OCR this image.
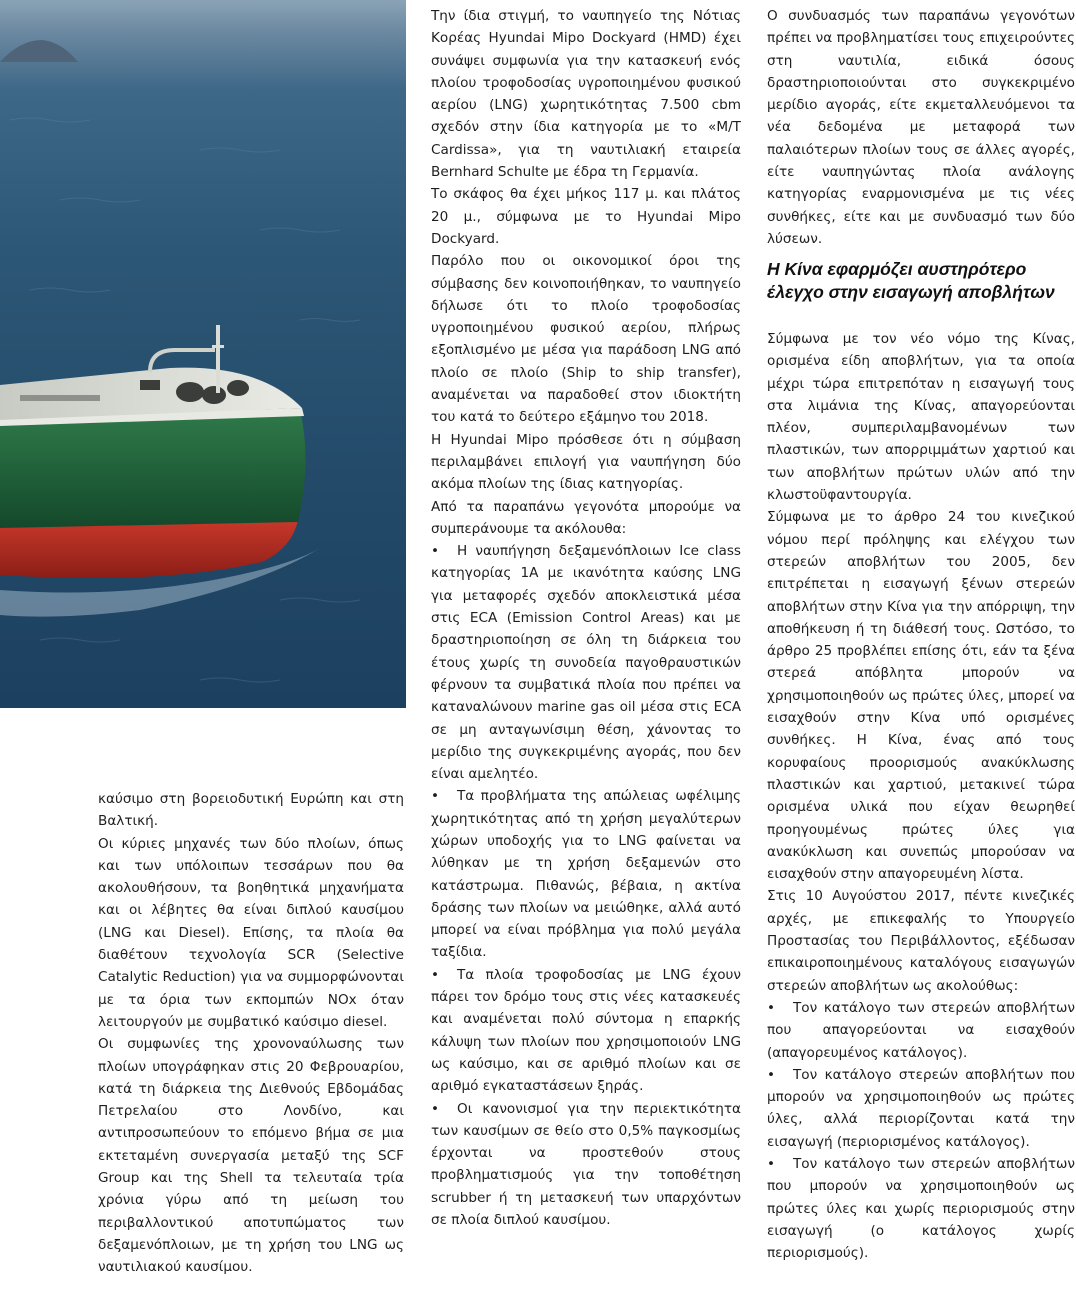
καύσιμο στη βορειοδυτική Ευρώπη και στη Βαλτική.

Οι κύριες μηχανές των δύο πλοίων, όπως και των υπόλοιπων τεσσάρων που θα ακολουθήσουν, τα βοηθητικά μηχανήματα και οι λέβητες θα είναι διπλού καυσίμου (LNG και Diesel). Επίσης, τα πλοία θα διαθέτουν τεχνολογία SCR (Selective Catalytic Reduction) για να συμμορφώνονται με τα όρια των εκπομπών NOx όταν λειτουργούν με συμβατικό καύσιμο diesel.

Οι συμφωνίες της χρονοναύλωσης των πλοίων υπογράφηκαν στις 20 Φεβρουαρίου, κατά τη διάρκεια της Διεθνούς Εβδομάδας Πετρελαίου στο Λονδίνο, και αντιπροσωπεύουν το επόμενο βήμα σε μια εκτεταμένη συνεργασία μεταξύ της SCF Group και της Shell τα τελευταία τρία χρόνια γύρω από τη μείωση του περιβαλλοντικού αποτυπώματος των δεξαμενόπλοιων, με τη χρήση του LNG ως ναυτιλιακού καυσίμου.

Την ίδια στιγμή, το ναυπηγείο της Νότιας Κορέας Hyundai Mipo Dockyard (HMD) έχει συνάψει συμφωνία για την κατασκευή ενός πλοίου τροφοδοσίας υγροποιημένου φυσικού αερίου (LNG) χωρητικότητας 7.500 cbm σχεδόν στην ίδια κατηγορία με το «M/T Cardissa», για τη ναυτιλιακή εταιρεία Bernhard Schulte με έδρα τη Γερμανία.

Το σκάφος θα έχει μήκος 117 μ. και πλάτος 20 μ., σύμφωνα με το Hyundai Mipo Dockyard.

Παρόλο που οι οικονομικοί όροι της σύμβασης δεν κοινοποιήθηκαν, το ναυπηγείο δήλωσε ότι το πλοίο τροφοδοσίας υγροποιημένου φυσικού αερίου, πλήρως εξοπλισμένο με μέσα για παράδοση LNG από πλοίο σε πλοίο (Ship to ship transfer), αναμένεται να παραδοθεί στον ιδιοκτήτη του κατά το δεύτερο εξάμηνο του 2018.

Η Hyundai Mipo πρόσθεσε ότι η σύμβαση περιλαμβάνει επιλογή για ναυπήγηση δύο ακόμα πλοίων της ίδιας κατηγορίας.

Από τα παραπάνω γεγονότα μπορούμε να συμπεράνουμε τα ακόλουθα:

• Η ναυπήγηση δεξαμενόπλοιων Ice class κατηγορίας 1A με ικανότητα καύσης LNG για μεταφορές σχεδόν αποκλειστικά μέσα στις ECA (Emission Control Areas) και με δραστηριοποίηση σε όλη τη διάρκεια του έτους χωρίς τη συνοδεία παγοθραυστικών φέρνουν τα συμβατικά πλοία που πρέπει να καταναλώνουν marine gas oil μέσα στις ECA σε μη ανταγωνίσιμη θέση, χάνοντας το μερίδιο της συγκεκριμένης αγοράς, που δεν είναι αμελητέο.

• Τα προβλήματα της απώλειας ωφέλιμης χωρητικότητας από τη χρήση μεγαλύτερων χώρων υποδοχής για το LNG φαίνεται να λύθηκαν με τη χρήση δεξαμενών στο κατάστρωμα. Πιθανώς, βέβαια, η ακτίνα δράσης των πλοίων να μειώθηκε, αλλά αυτό μπορεί να είναι πρόβλημα για πολύ μεγάλα ταξίδια.

• Τα πλοία τροφοδοσίας με LNG έχουν πάρει τον δρόμο τους στις νέες κατασκευές και αναμένεται πολύ σύντομα η επαρκής κάλυψη των πλοίων που χρησιμοποιούν LNG ως καύσιμο, και σε αριθμό πλοίων και σε αριθμό εγκαταστάσεων ξηράς.

• Οι κανονισμοί για την περιεκτικότητα των καυσίμων σε θείο στο 0,5% παγκοσμίως έρχονται να προστεθούν στους προβληματισμούς για την τοποθέτηση scrubber ή τη μετασκευή των υπαρχόντων σε πλοία διπλού καυσίμου.

Ο συνδυασμός των παραπάνω γεγονότων πρέπει να προβληματίσει τους επιχειρούντες στη ναυτιλία, ειδικά όσους δραστηριοποιούνται στο συγκεκριμένο μερίδιο αγοράς, είτε εκμεταλλευόμενοι τα νέα δεδομένα με μεταφορά των παλαιότερων πλοίων τους σε άλλες αγορές, είτε ναυπηγώντας πλοία ανάλογης κατηγορίας εναρμονισμένα με τις νέες συνθήκες, είτε και με συνδυασμό των δύο λύσεων.

Η Κίνα εφαρμόζει αυστηρότερο
έλεγχο στην εισαγωγή αποβλήτων

Σύμφωνα με τον νέο νόμο της Κίνας, ορισμένα είδη αποβλήτων, για τα οποία μέχρι τώρα επιτρεπόταν η εισαγωγή τους στα λιμάνια της Κίνας, απαγορεύονται πλέον, συμπεριλαμβανομένων των πλαστικών, των απορριμμάτων χαρτιού και των αποβλήτων πρώτων υλών από την κλωστοϋφαντουργία.

Σύμφωνα με το άρθρο 24 του κινεζικού νόμου περί πρόληψης και ελέγχου των στερεών αποβλήτων του 2005, δεν επιτρέπεται η εισαγωγή ξένων στερεών αποβλήτων στην Κίνα για την απόρριψη, την αποθήκευση ή τη διάθεσή τους. Ωστόσο, το άρθρο 25 προβλέπει επίσης ότι, εάν τα ξένα στερεά απόβλητα μπορούν να χρησιμοποιηθούν ως πρώτες ύλες, μπορεί να εισαχθούν στην Κίνα υπό ορισμένες συνθήκες. Η Κίνα, ένας από τους κορυφαίους προορισμούς ανακύκλωσης πλαστικών και χαρτιού, μετακινεί τώρα ορισμένα υλικά που είχαν θεωρηθεί προηγουμένως πρώτες ύλες για ανακύκλωση και συνεπώς μπορούσαν να εισαχθούν στην απαγορευμένη λίστα.

Στις 10 Αυγούστου 2017, πέντε κινεζικές αρχές, με επικεφαλής το Υπουργείο Προστασίας του Περιβάλλοντος, εξέδωσαν επικαιροποιημένους καταλόγους εισαγωγών στερεών αποβλήτων ως ακολούθως:

• Τον κατάλογο των στερεών αποβλήτων που απαγορεύονται να εισαχθούν (απαγορευμένος κατάλογος).

• Τον κατάλογο στερεών αποβλήτων που μπορούν να χρησιμοποιηθούν ως πρώτες ύλες, αλλά περιορίζονται κατά την εισαγωγή (περιορισμένος κατάλογος).

• Τον κατάλογο των στερεών αποβλήτων που μπορούν να χρησιμοποιηθούν ως πρώτες ύλες και χωρίς περιορισμούς στην εισαγωγή (ο κατάλογος χωρίς περιορισμούς).
